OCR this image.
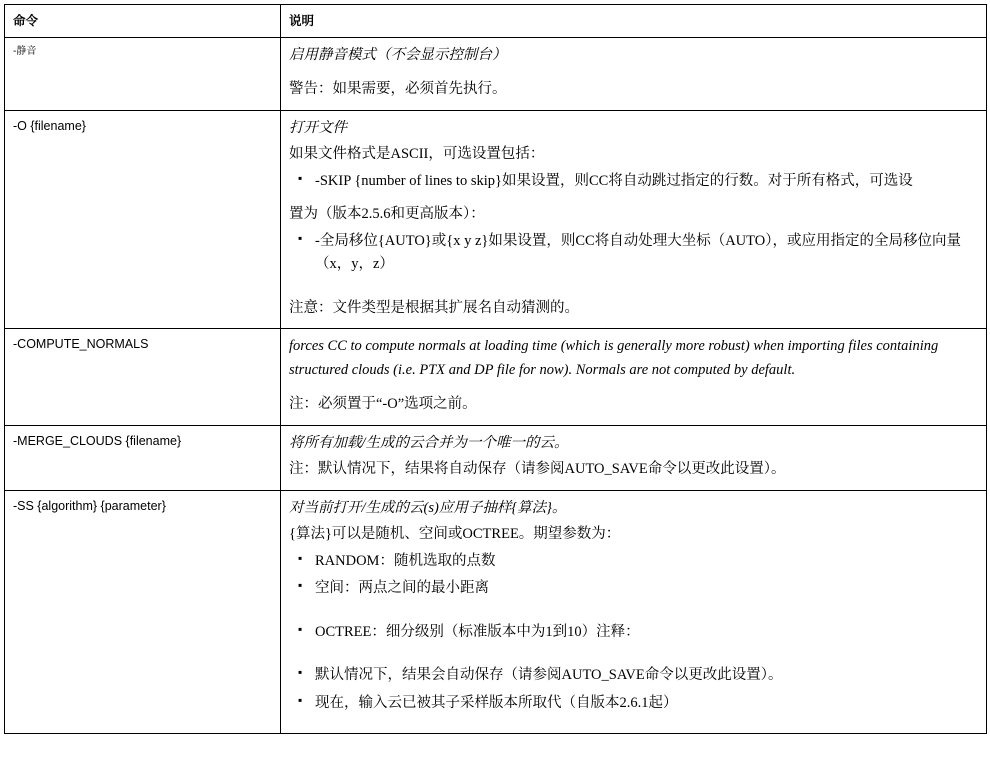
命令	说明
-静音	启用静音模式（不会显示控制台）

警告：如果需要，必须首先执行。

-O {filename}	打开文件

如果文件格式是ASCII，可选设置包括：

▪ -SKIP {number of lines to skip}如果设置，则CC将自动跳过指定的行数。对于所有格式，可选设

置为（版本2.5.6和更高版本）：

▪ -全局移位{AUTO}或{x y z}如果设置，则CC将自动处理大坐标（AUTO），或应用指定的全局移位向量（x，y，z）

注意：文件类型是根据其扩展名自动猜测的。

-COMPUTE_NORMALS	forces CC to compute normals at loading time (which is generally more robust) when importing files containing structured clouds (i.e. PTX and DP file for now). Normals are not computed by default.

注：必须置于“-O”选项之前。

-MERGE_CLOUDS {filename}	将所有加载/生成的云合并为一个唯一的云。

注：默认情况下，结果将自动保存（请参阅AUTO_SAVE命令以更改此设置）。

-SS {algorithm} {parameter}	对当前打开/生成的云(s)应用子抽样{算法}。

{算法}可以是随机、空间或OCTREE。期望参数为：

▪ RANDOM：随机选取的点数
▪ 空间：两点之间的最小距离
▪ OCTREE：细分级别（标准版本中为1到10）注释：
▪ 默认情况下，结果会自动保存（请参阅AUTO_SAVE命令以更改此设置）。
▪ 现在，输入云已被其子采样版本所取代（自版本2.6.1起）
